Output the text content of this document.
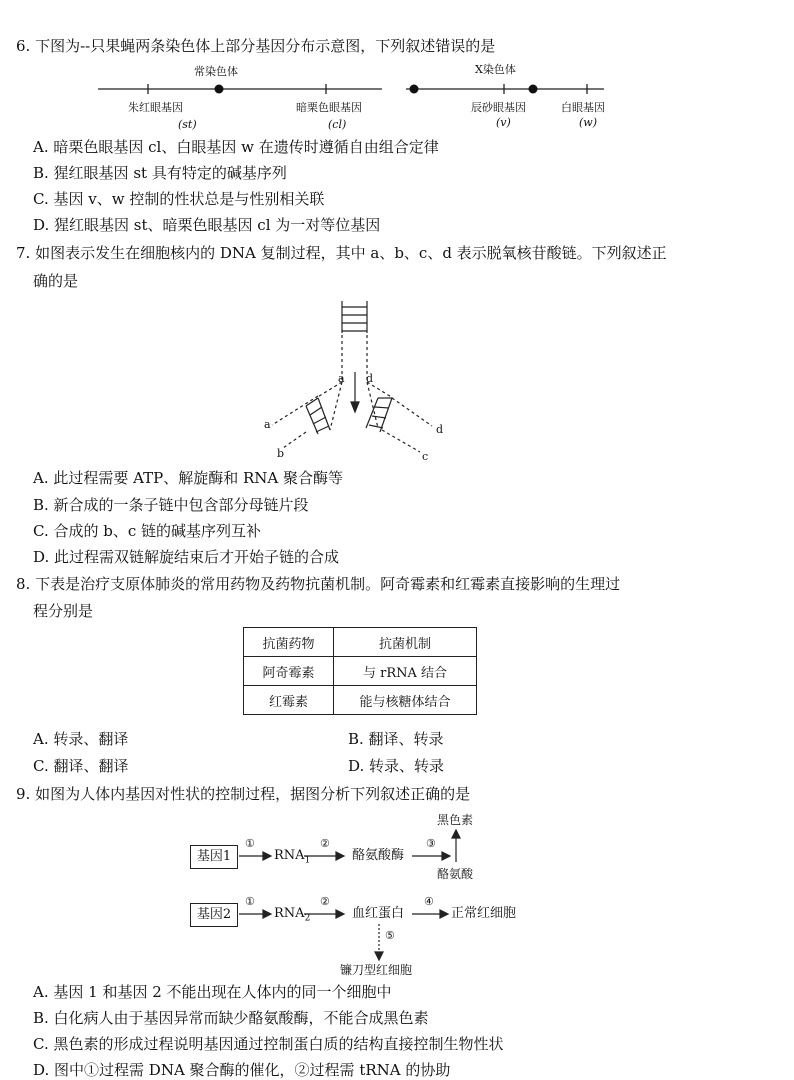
6. 下图为--只果蝇两条染色体上部分基因分布示意图，下列叙述错误的是
常染色体	X染色体
朱红眼基因
(st)
暗栗色眼基因
(cl)
辰砂眼基因
(v)
白眼基因
(w)
A. 暗栗色眼基因 cl、白眼基因 w 在遗传时遵循自由组合定律
B. 猩红眼基因 st 具有特定的碱基序列
C. 基因 v、w 控制的性状总是与性别相关联
D. 猩红眼基因 st、暗栗色眼基因 cl 为一对等位基因
7. 如图表示发生在细胞核内的 DNA 复制过程，其中 a、b、c、d 表示脱氧核苷酸链。下列叙述正
确的是
a d
a
b
d
c
A. 此过程需要 ATP、解旋酶和 RNA 聚合酶等
B. 新合成的一条子链中包含部分母链片段
C. 合成的 b、c 链的碱基序列互补
D. 此过程需双链解旋结束后才开始子链的合成
8. 下表是治疗支原体肺炎的常用药物及药物抗菌机制。阿奇霉素和红霉素直接影响的生理过
程分别是
抗菌药物	抗菌机制
阿奇霉素	与 rRNA 结合
红霉素	能与核糖体结合
A. 转录、翻译	B. 翻译、转录
C. 翻译、翻译	D. 转录、转录
9. 如图为人体内基因对性状的控制过程，据图分析下列叙述正确的是
基因1
基因2
①
$RNA_1$
②
酪氨酸酶
③
黑色素
酪氨酸
①
$RNA_2$
②
血红蛋白
④
正常红细胞
⑤
镰刀型红细胞
A. 基因 1 和基因 2 不能出现在人体内的同一个细胞中
B. 白化病人由于基因异常而缺少酪氨酸酶，不能合成黑色素
C. 黑色素的形成过程说明基因通过控制蛋白质的结构直接控制生物性状
D. 图中①过程需 DNA 聚合酶的催化，②过程需 tRNA 的协助
